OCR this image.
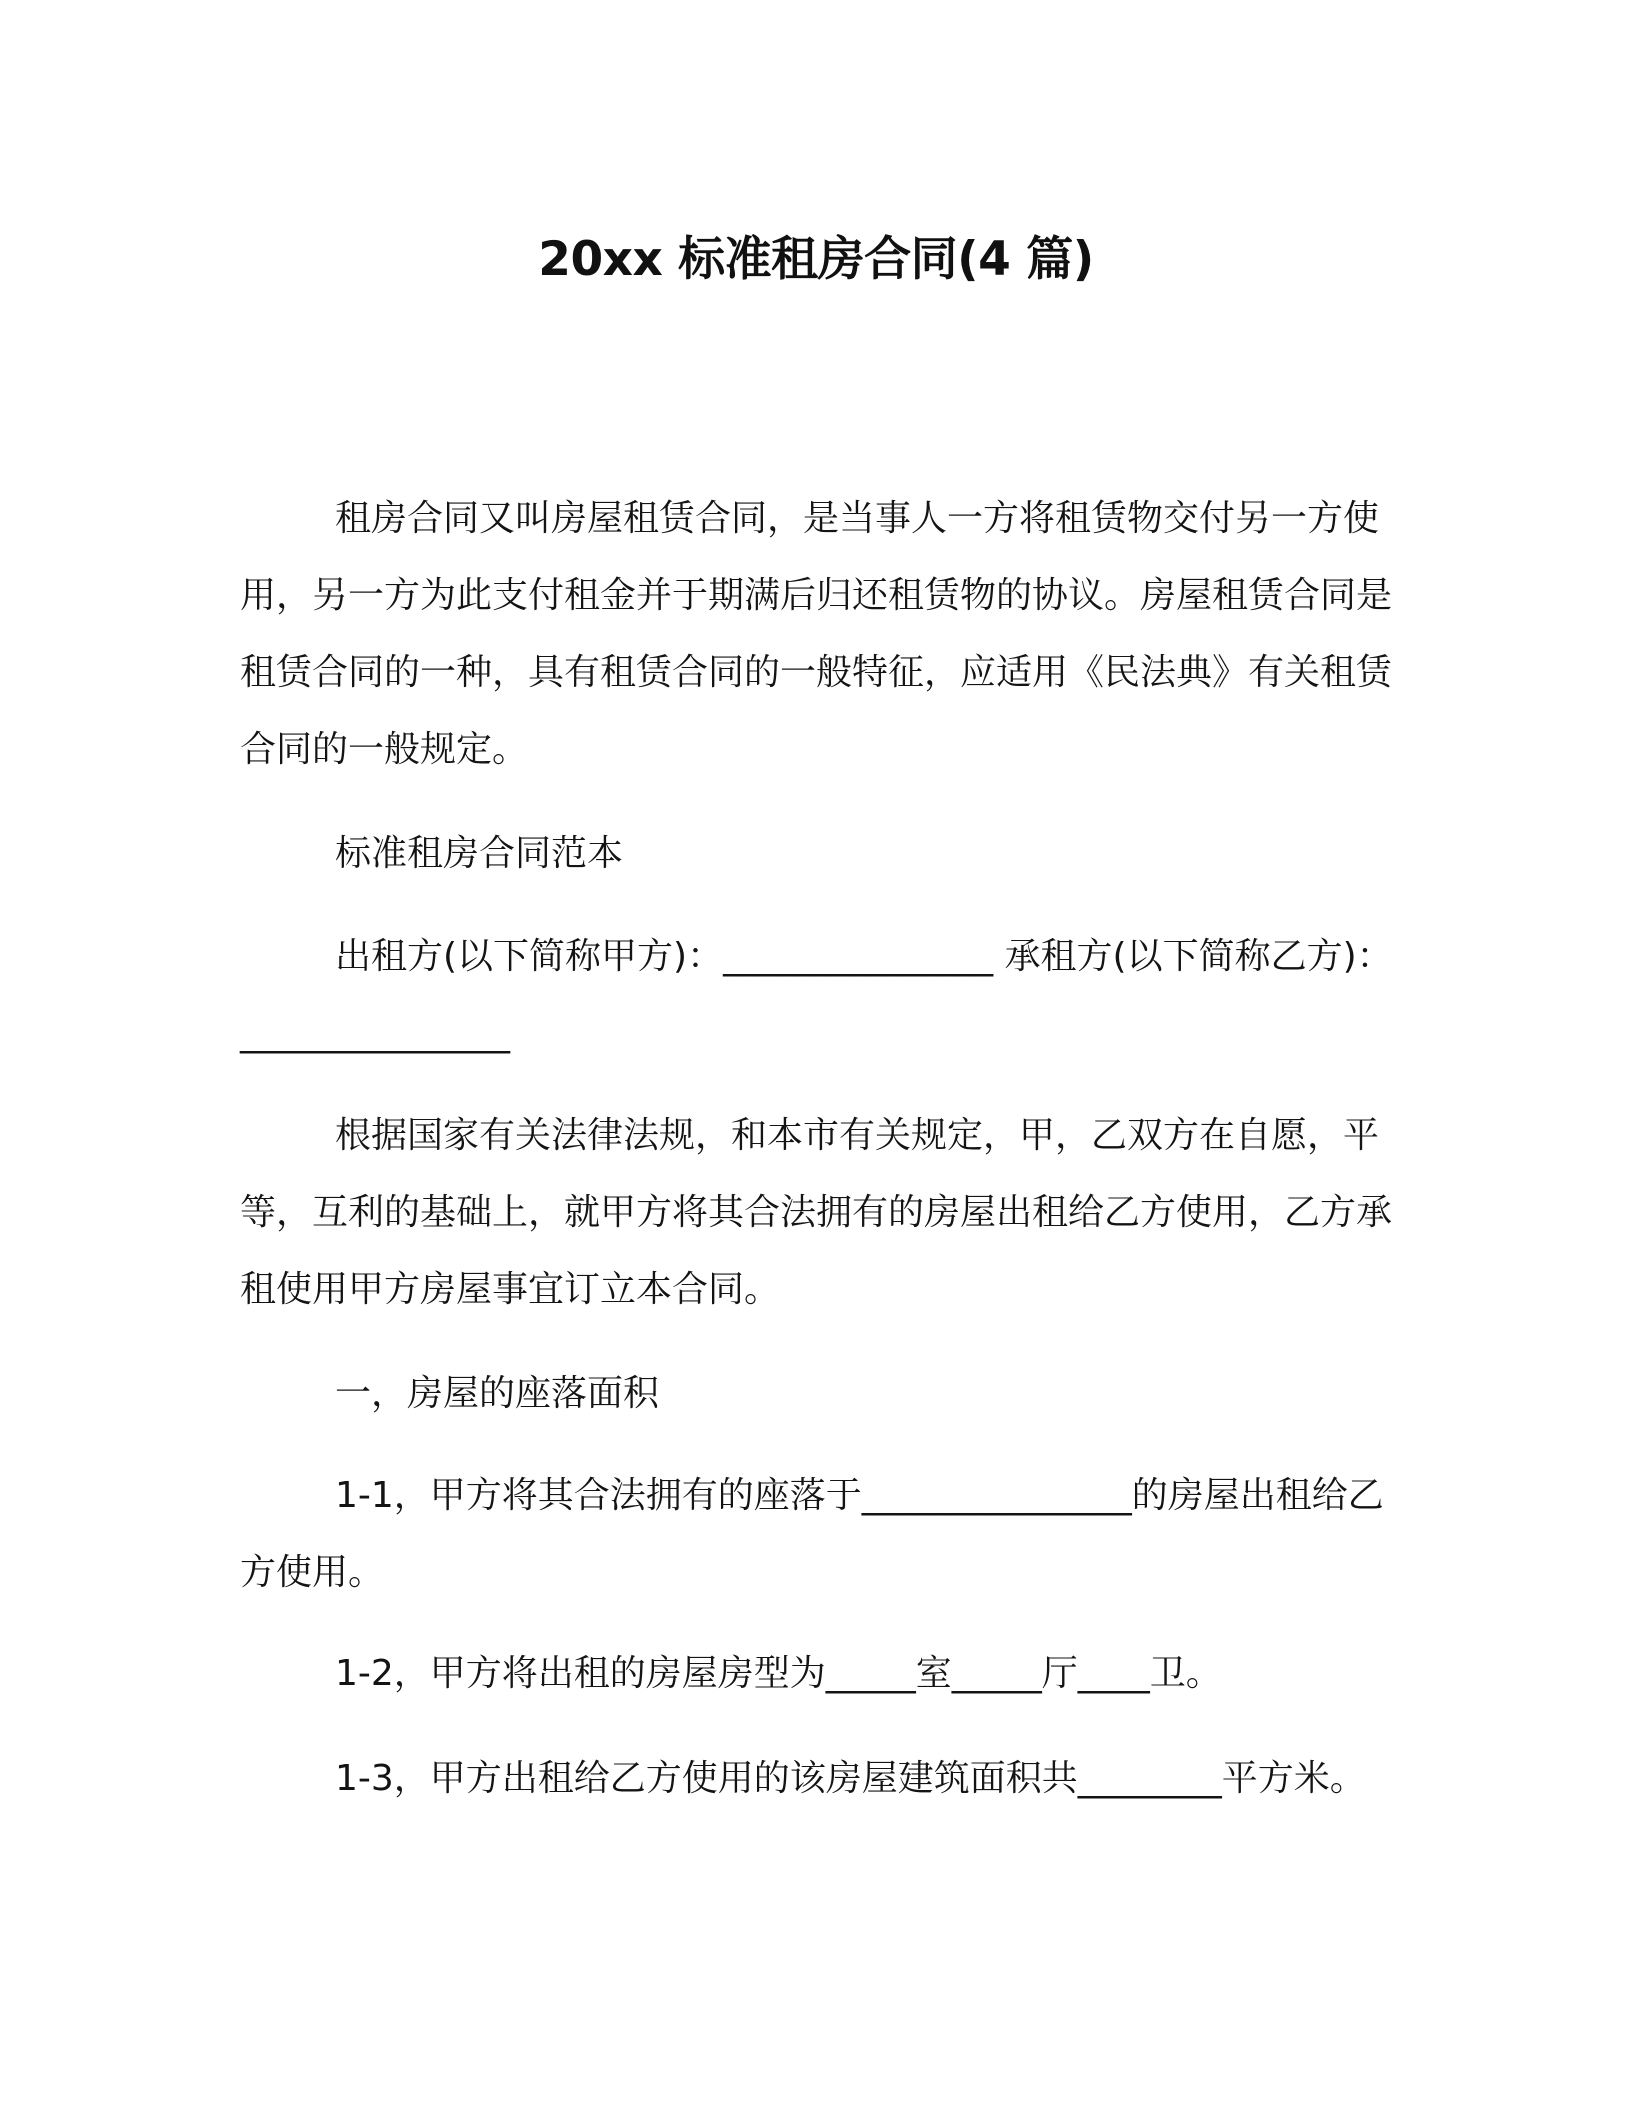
20xx 标准租房合同(4 篇)

租房合同又叫房屋租赁合同，是当事人一方将租赁物交付另一方使用，另一方为此支付租金并于期满后归还租赁物的协议。房屋租赁合同是租赁合同的一种，具有租赁合同的一般特征，应适用《民法典》有关租赁合同的一般规定。

标准租房合同范本

出租方(以下简称甲方)：_______________ 承租方(以下简称乙方)：_______________

根据国家有关法律法规，和本市有关规定，甲，乙双方在自愿，平等，互利的基础上，就甲方将其合法拥有的房屋出租给乙方使用，乙方承租使用甲方房屋事宜订立本合同。

一，房屋的座落面积

1-1，甲方将其合法拥有的座落于_______________的房屋出租给乙方使用。

1-2，甲方将出租的房屋房型为_____室_____厅____卫。

1-3，甲方出租给乙方使用的该房屋建筑面积共________平方米。
